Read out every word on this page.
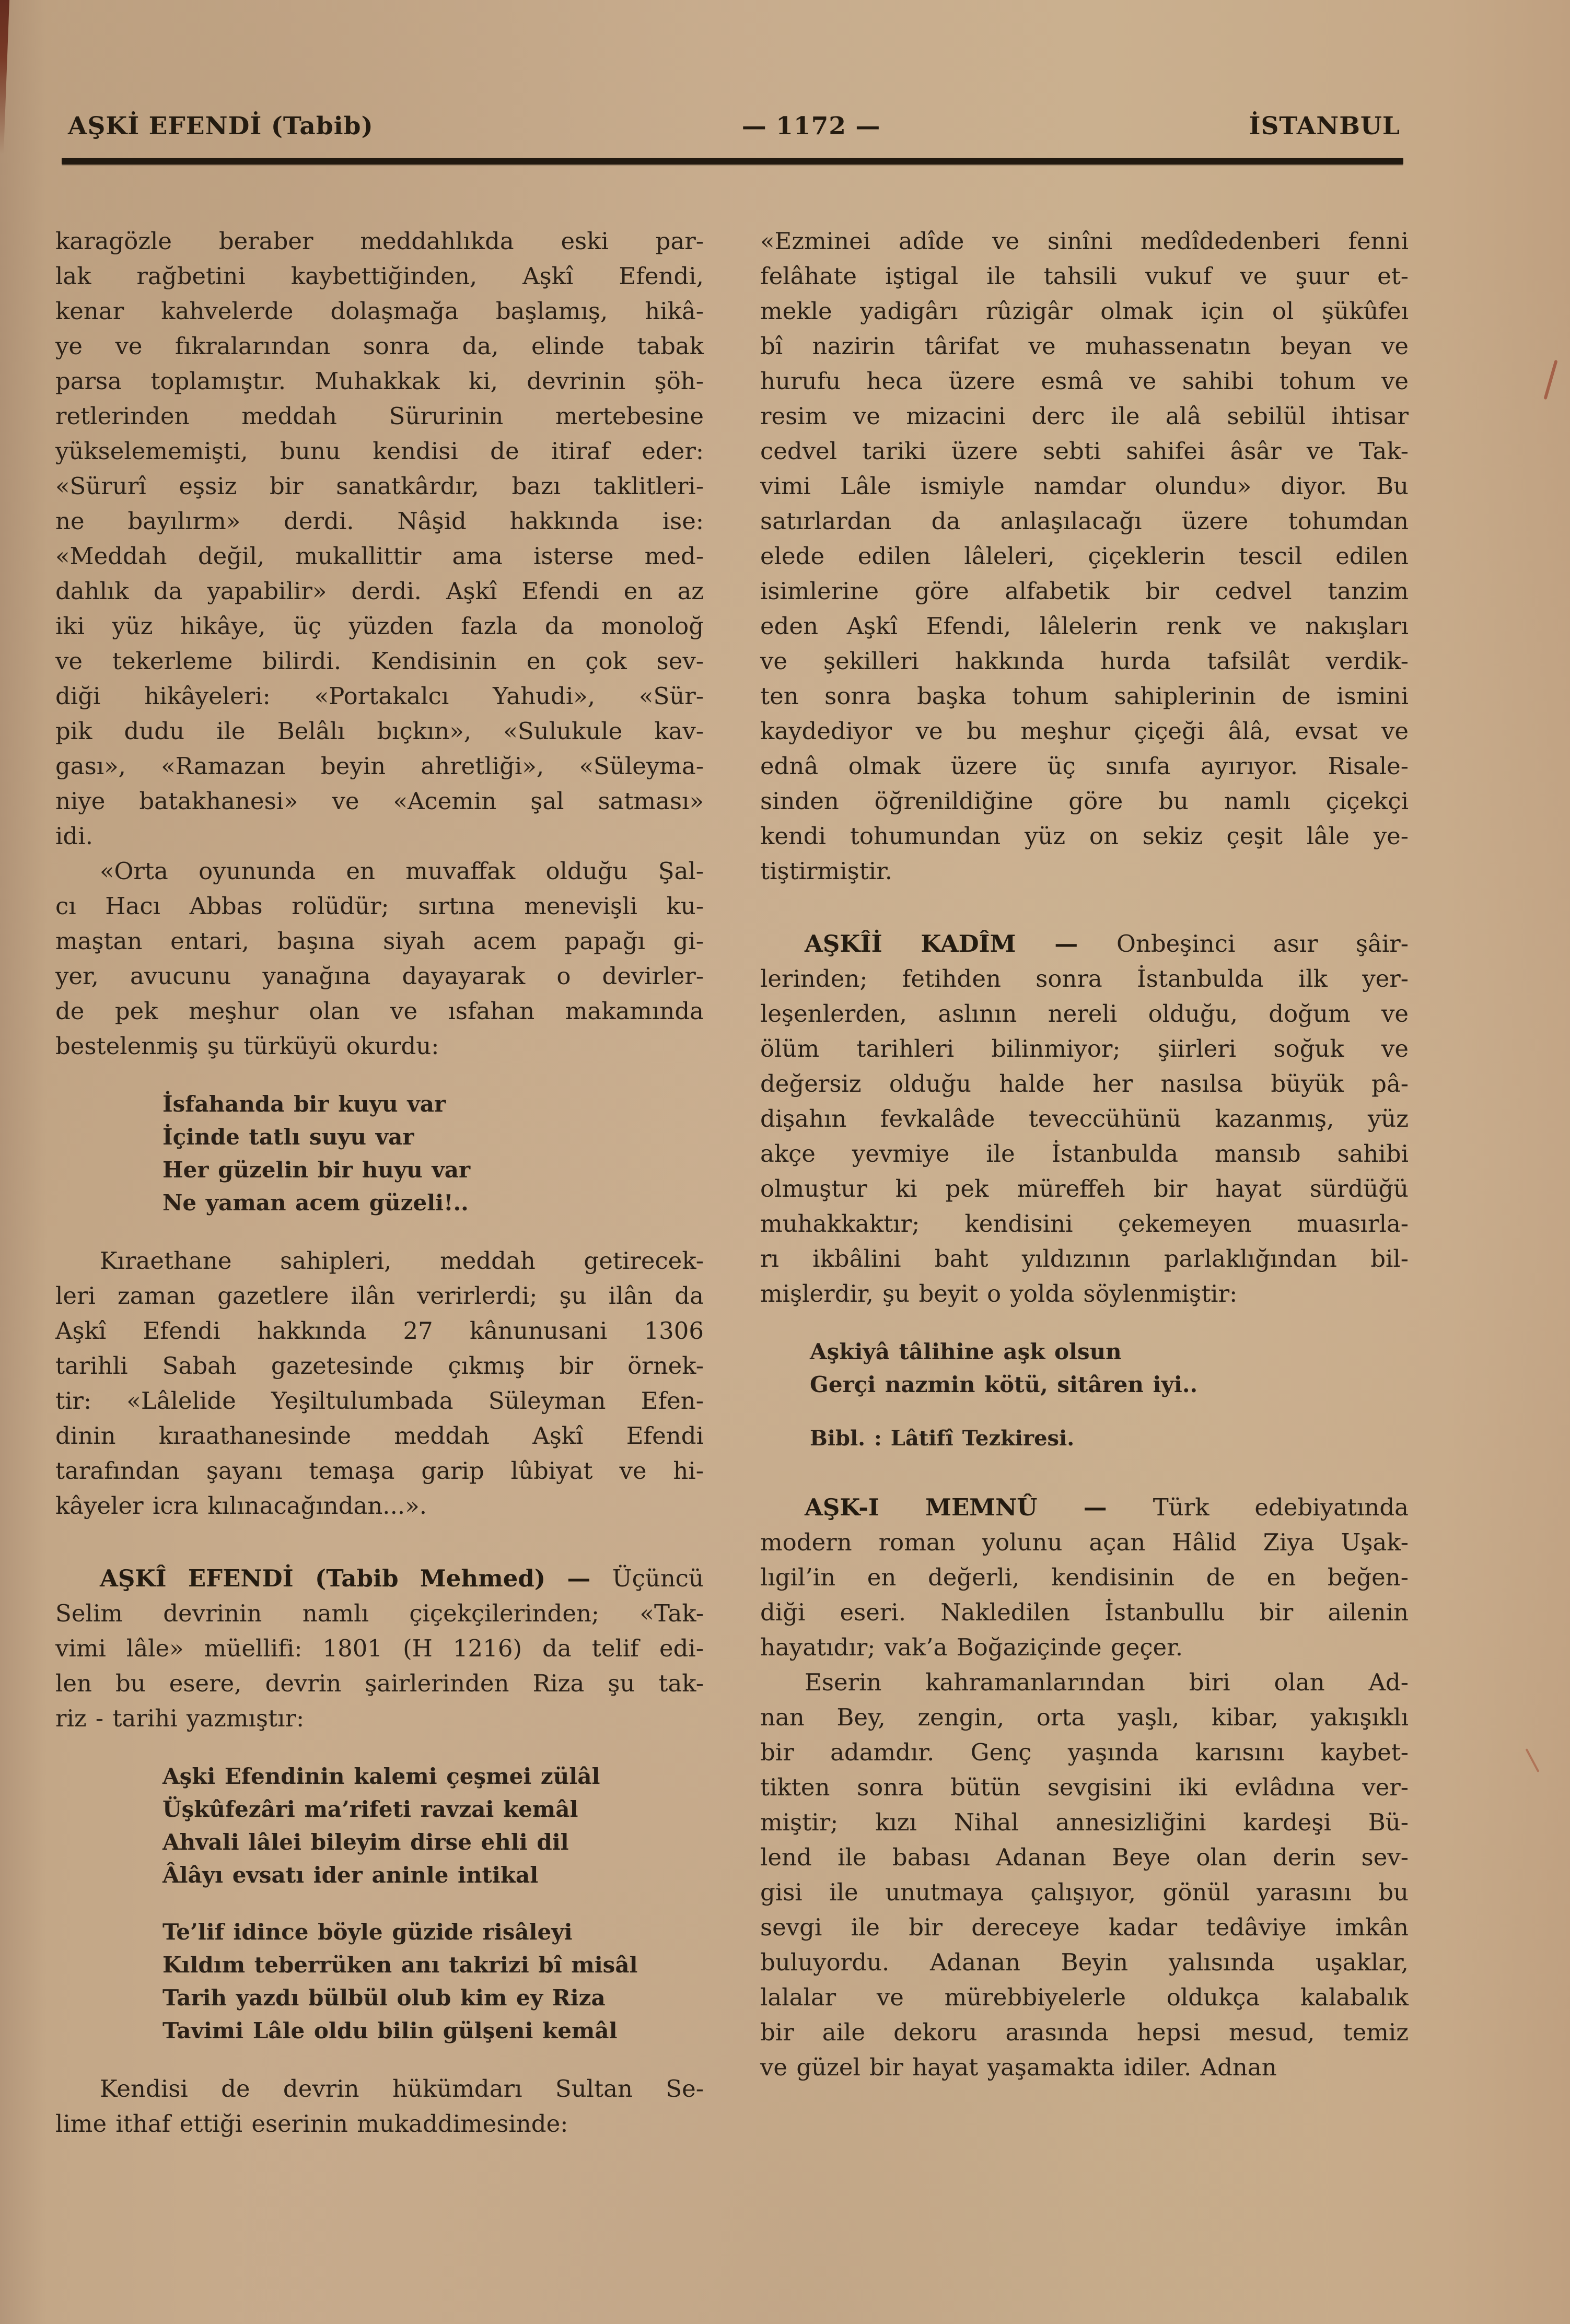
AŞKİ EFENDİ (Tabib)	— 1172 —	İSTANBUL
karagözle beraber meddahlıkda eski par-
lak rağbetini kaybettiğinden, Aşkî Efendi,
kenar kahvelerde dolaşmağa başlamış, hikâ-
ye ve fıkralarından sonra da, elinde tabak
parsa toplamıştır. Muhakkak ki, devrinin şöh-
retlerinden meddah Sürurinin mertebesine
yükselememişti, bunu kendisi de itiraf eder:
«Sürurî eşsiz bir sanatkârdır, bazı taklitleri-
ne bayılırm» derdi. Nâşid hakkında ise:
«Meddah değil, mukallittir ama isterse med-
dahlık da yapabilir» derdi. Aşkî Efendi en az
iki yüz hikâye, üç yüzden fazla da monoloğ
ve tekerleme bilirdi. Kendisinin en çok sev-
diği hikâyeleri: «Portakalcı Yahudi», «Sür-
pik dudu ile Belâlı bıçkın», «Sulukule kav-
gası», «Ramazan beyin ahretliği», «Süleyma-
niye batakhanesi» ve «Acemin şal satması»
idi.
«Orta oyununda en muvaffak olduğu Şal-
cı Hacı Abbas rolüdür; sırtına menevişli ku-
maştan entari, başına siyah acem papağı gi-
yer, avucunu yanağına dayayarak o devirler-
de pek meşhur olan ve ısfahan makamında
bestelenmiş şu türküyü okurdu:
İsfahanda bir kuyu var
İçinde tatlı suyu var
Her güzelin bir huyu var
Ne yaman acem güzeli!..
Kıraethane sahipleri, meddah getirecek-
leri zaman gazetlere ilân verirlerdi; şu ilân da
Aşkî Efendi hakkında 27 kânunusani 1306
tarihli Sabah gazetesinde çıkmış bir örnek-
tir: «Lâlelide Yeşiltulumbada Süleyman Efen-
dinin kıraathanesinde meddah Aşkî Efendi
tarafından şayanı temaşa garip lûbiyat ve hi-
kâyeler icra kılınacağından...».
AŞKÎ EFENDİ (Tabib Mehmed) — Üçüncü
Selim devrinin namlı çiçekçilerinden; «Tak-
vimi lâle» müellifi: 1801 (H 1216) da telif edi-
len bu esere, devrin şairlerinden Riza şu tak-
riz - tarihi yazmıştır:
Aşki Efendinin kalemi çeşmei zülâl
Üşkûfezâri ma’rifeti ravzai kemâl
Ahvali lâlei bileyim dirse ehli dil
Âlâyı evsatı ider aninle intikal
Te’lif idince böyle güzide risâleyi
Kıldım teberrüken anı takrizi bî misâl
Tarih yazdı bülbül olub kim ey Riza
Tavimi Lâle oldu bilin gülşeni kemâl
Kendisi de devrin hükümdarı Sultan Se-
lime ithaf ettiği eserinin mukaddimesinde:
«Ezminei adîde ve sinîni medîdedenberi fenni
felâhate iştigal ile tahsili vukuf ve şuur et-
mekle yadigârı rûzigâr olmak için ol şükûfeı
bî nazirin târifat ve muhassenatın beyan ve
hurufu heca üzere esmâ ve sahibi tohum ve
resim ve mizacini derc ile alâ sebilül ihtisar
cedvel tariki üzere sebti sahifei âsâr ve Tak-
vimi Lâle ismiyle namdar olundu» diyor. Bu
satırlardan da anlaşılacağı üzere tohumdan
elede edilen lâleleri, çiçeklerin tescil edilen
isimlerine göre alfabetik bir cedvel tanzim
eden Aşkî Efendi, lâlelerin renk ve nakışları
ve şekilleri hakkında hurda tafsilât verdik-
ten sonra başka tohum sahiplerinin de ismini
kaydediyor ve bu meşhur çiçeği âlâ, evsat ve
ednâ olmak üzere üç sınıfa ayırıyor. Risale-
sinden öğrenildiğine göre bu namlı çiçekçi
kendi tohumundan yüz on sekiz çeşit lâle ye-
tiştirmiştir.
AŞKÎİ KADÎM — Onbeşinci asır şâir-
lerinden; fetihden sonra İstanbulda ilk yer-
leşenlerden, aslının nereli olduğu, doğum ve
ölüm tarihleri bilinmiyor; şiirleri soğuk ve
değersiz olduğu halde her nasılsa büyük pâ-
dişahın fevkalâde teveccühünü kazanmış, yüz
akçe yevmiye ile İstanbulda mansıb sahibi
olmuştur ki pek müreffeh bir hayat sürdüğü
muhakkaktır; kendisini çekemeyen muasırla-
rı ikbâlini baht yıldızının parlaklığından bil-
mişlerdir, şu beyit o yolda söylenmiştir:
Aşkiyâ tâlihine aşk olsun
Gerçi nazmin kötü, sitâren iyi..
Bibl. : Lâtifî Tezkiresi.
AŞK-I MEMNÛ — Türk edebiyatında
modern roman yolunu açan Hâlid Ziya Uşak-
lıgil’in en değerli, kendisinin de en beğen-
diği eseri. Nakledilen İstanbullu bir ailenin
hayatıdır; vak’a Boğaziçinde geçer.
Eserin kahramanlarından biri olan Ad-
nan Bey, zengin, orta yaşlı, kibar, yakışıklı
bir adamdır. Genç yaşında karısını kaybet-
tikten sonra bütün sevgisini iki evlâdına ver-
miştir; kızı Nihal annesizliğini kardeşi Bü-
lend ile babası Adanan Beye olan derin sev-
gisi ile unutmaya çalışıyor, gönül yarasını bu
sevgi ile bir dereceye kadar tedâviye imkân
buluyordu. Adanan Beyin yalısında uşaklar,
lalalar ve mürebbiyelerle oldukça kalabalık
bir aile dekoru arasında hepsi mesud, temiz
ve güzel bir hayat yaşamakta idiler. Adnan
